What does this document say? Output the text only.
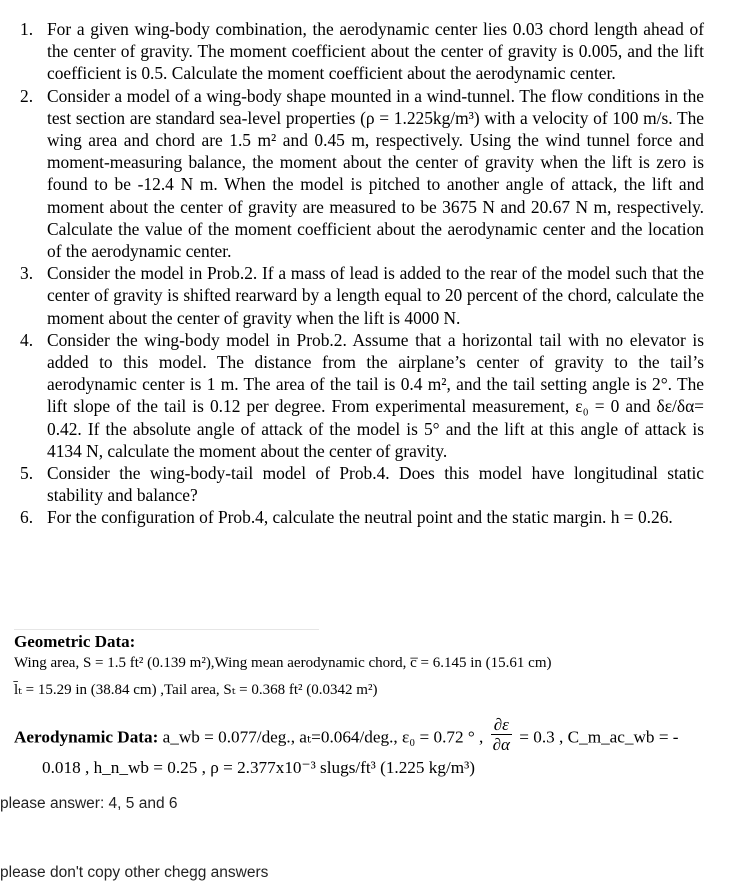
1. For a given wing-body combination, the aerodynamic center lies 0.03 chord length ahead of the center of gravity. The moment coefficient about the center of gravity is 0.005, and the lift coefficient is 0.5. Calculate the moment coefficient about the aerodynamic center.
2. Consider a model of a wing-body shape mounted in a wind-tunnel. The flow conditions in the test section are standard sea-level properties (ρ = 1.225kg/m³) with a velocity of 100 m/s. The wing area and chord are 1.5 m² and 0.45 m, respectively. Using the wind tunnel force and moment-measuring balance, the moment about the center of gravity when the lift is zero is found to be -12.4 N m. When the model is pitched to another angle of attack, the lift and moment about the center of gravity are measured to be 3675 N and 20.67 N m, respectively. Calculate the value of the moment coefficient about the aerodynamic center and the location of the aerodynamic center.
3. Consider the model in Prob.2. If a mass of lead is added to the rear of the model such that the center of gravity is shifted rearward by a length equal to 20 percent of the chord, calculate the moment about the center of gravity when the lift is 4000 N.
4. Consider the wing-body model in Prob.2. Assume that a horizontal tail with no elevator is added to this model. The distance from the airplane’s center of gravity to the tail’s aerodynamic center is 1 m. The area of the tail is 0.4 m², and the tail setting angle is 2°. The lift slope of the tail is 0.12 per degree. From experimental measurement, ε₀ = 0 and δε/δα= 0.42. If the absolute angle of attack of the model is 5° and the lift at this angle of attack is 4134 N, calculate the moment about the center of gravity.
5. Consider the wing-body-tail model of Prob.4. Does this model have longitudinal static stability and balance?
6. For the configuration of Prob.4, calculate the neutral point and the static margin. h = 0.26.
Geometric Data:
Wing area, S = 1.5 ft² (0.139 m²),Wing mean aerodynamic chord, c̅ = 6.145 in (15.61 cm)
l̄ₜ = 15.29 in (38.84 cm) ,Tail area, Sₜ = 0.368 ft² (0.0342 m²)
Aerodynamic Data: a_wb = 0.077/deg., aₜ=0.064/deg., ε₀ = 0.72 ° , $\frac{\partial\varepsilon}{\partial\alpha} = 0.3$ , C_m_ac_wb = -
0.018 , h_n_wb = 0.25 , ρ = 2.377x10⁻³ slugs/ft³ (1.225 kg/m³)
please answer: 4, 5 and 6
please don't copy other chegg answers
